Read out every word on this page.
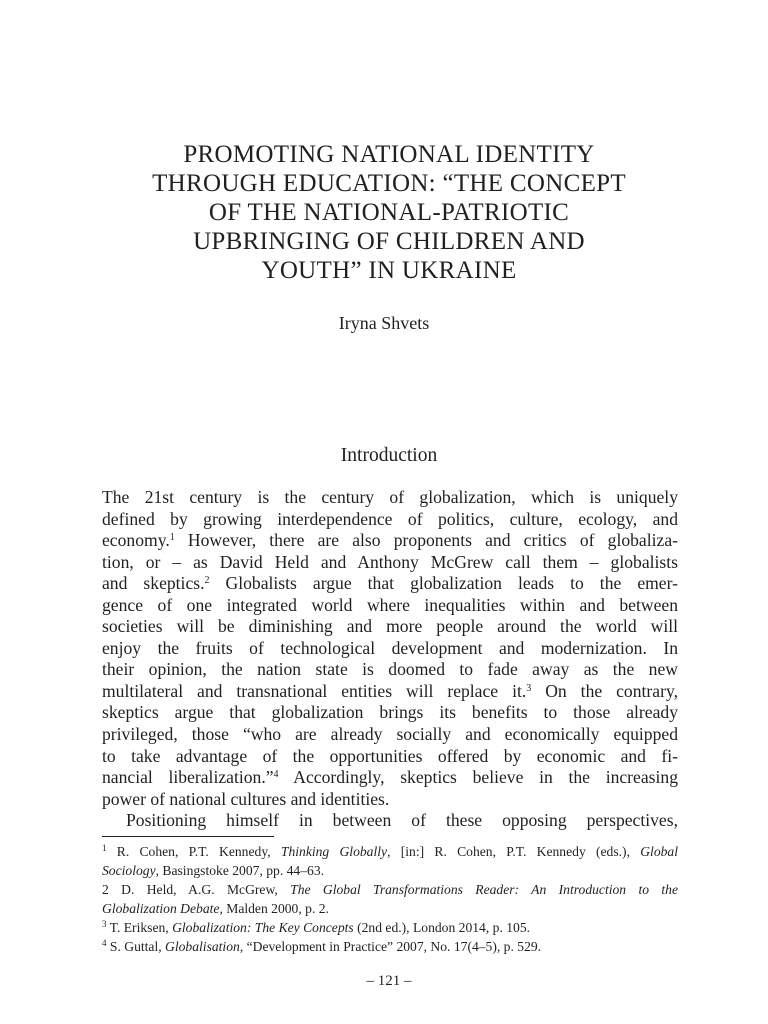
PROMOTING NATIONAL IDENTITY
THROUGH EDUCATION: “THE CONCEPT
OF THE NATIONAL-PATRIOTIC
UPBRINGING OF CHILDREN AND
YOUTH” IN UKRAINE

Iryna Shvets

Introduction

The 21st century is the century of globalization, which is uniquely
defined by growing interdependence of politics, culture, ecology, and
economy.$^1$ However, there are also proponents and critics of globaliza-
tion, or – as David Held and Anthony McGrew call them – globalists
and skeptics.$^2$ Globalists argue that globalization leads to the emer-
gence of one integrated world where inequalities within and between
societies will be diminishing and more people around the world will
enjoy the fruits of technological development and modernization. In
their opinion, the nation state is doomed to fade away as the new
multilateral and transnational entities will replace it.$^3$ On the contrary,
skeptics argue that globalization brings its benefits to those already
privileged, those “who are already socially and economically equipped
to take advantage of the opportunities offered by economic and fi-
nancial liberalization.”$^4$ Accordingly, skeptics believe in the increasing
power of national cultures and identities.

Positioning himself in between of these opposing perspectives,

$^1$ R. Cohen, P.T. Kennedy, Thinking Globally, [in:] R. Cohen, P.T. Kennedy (eds.), Global
Sociology, Basingstoke 2007, pp. 44–63.
2 D. Held, A.G. McGrew, The Global Transformations Reader: An Introduction to the
Globalization Debate, Malden 2000, p. 2.
$^3$ T. Eriksen, Globalization: The Key Concepts (2nd ed.), London 2014, p. 105.
$^4$ S. Guttal, Globalisation, “Development in Practice” 2007, No. 17(4–5), p. 529.
– 121 –
